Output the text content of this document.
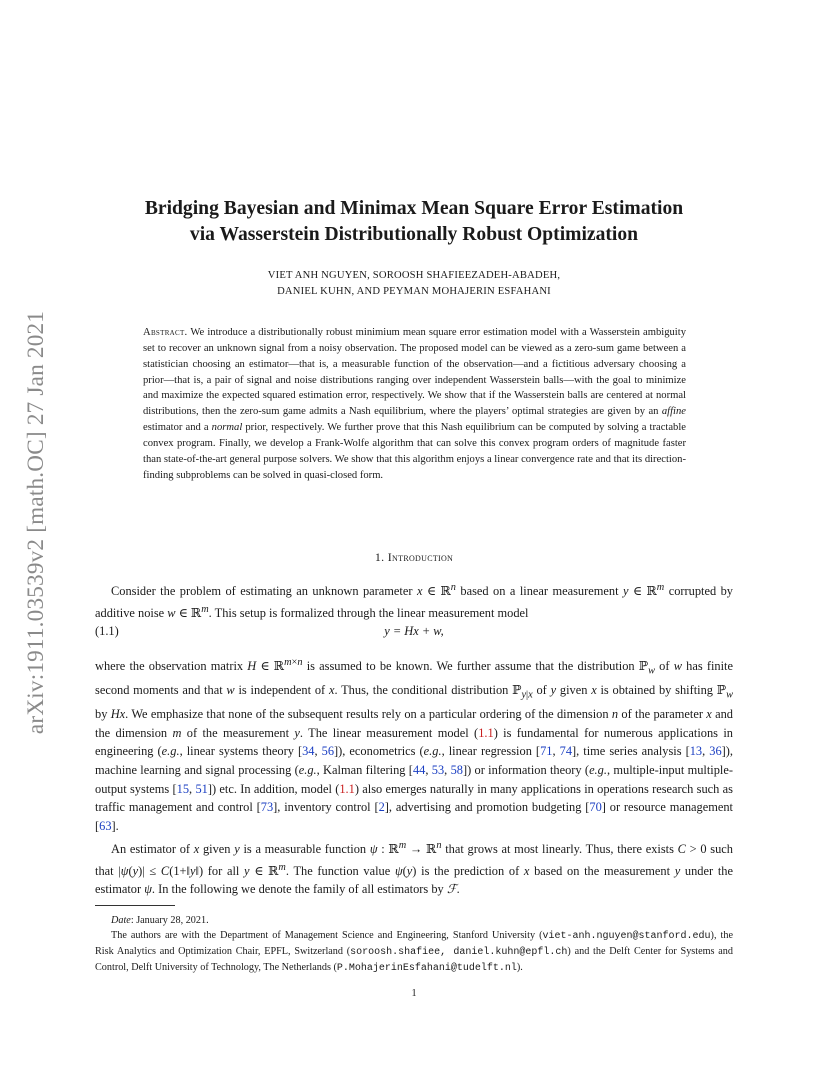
arXiv:1911.03539v2 [math.OC] 27 Jan 2021
Bridging Bayesian and Minimax Mean Square Error Estimation
via Wasserstein Distributionally Robust Optimization
VIET ANH NGUYEN, SOROOSH SHAFIEEZADEH-ABADEH,
DANIEL KUHN, AND PEYMAN MOHAJERIN ESFAHANI
Abstract. We introduce a distributionally robust minimium mean square error estimation model with a Wasserstein ambiguity set to recover an unknown signal from a noisy observation. The proposed model can be viewed as a zero-sum game between a statistician choosing an estimator—that is, a measurable function of the observation—and a fictitious adversary choosing a prior—that is, a pair of signal and noise distributions ranging over independent Wasserstein balls—with the goal to minimize and maximize the expected squared estimation error, respectively. We show that if the Wasserstein balls are centered at normal distributions, then the zero-sum game admits a Nash equilibrium, where the players’ optimal strategies are given by an affine estimator and a normal prior, respectively. We further prove that this Nash equilibrium can be computed by solving a tractable convex program. Finally, we develop a Frank-Wolfe algorithm that can solve this convex program orders of magnitude faster than state-of-the-art general purpose solvers. We show that this algorithm enjoys a linear convergence rate and that its direction-finding subproblems can be solved in quasi-closed form.
1. Introduction
Consider the problem of estimating an unknown parameter x ∈ ℝ$^n$ based on a linear measurement y ∈ ℝ$^m$ corrupted by additive noise w ∈ ℝ$^m$. This setup is formalized through the linear measurement model
(1.1)	y = Hx + w,
where the observation matrix H ∈ ℝ$^{m\times n}$ is assumed to be known. We further assume that the distribution ℙ$_w$ of w has finite second moments and that w is independent of x. Thus, the conditional distribution ℙ$_{y|x}$ of y given x is obtained by shifting ℙ$_w$ by Hx. We emphasize that none of the subsequent results rely on a particular ordering of the dimension n of the parameter x and the dimension m of the measurement y. The linear measurement model (1.1) is fundamental for numerous applications in engineering (e.g., linear systems theory [34, 56]), econometrics (e.g., linear regression [71, 74], time series analysis [13, 36]), machine learning and signal processing (e.g., Kalman filtering [44, 53, 58]) or information theory (e.g., multiple-input multiple-output systems [15, 51]) etc. In addition, model (1.1) also emerges naturally in many applications in operations research such as traffic management and control [73], inventory control [2], advertising and promotion budgeting [70] or resource management [63].
An estimator of x given y is a measurable function ψ : ℝ$^m$ → ℝ$^n$ that grows at most linearly. Thus, there exists C > 0 such that |ψ(y)| ≤ C(1+‖y‖) for all y ∈ ℝ$^m$. The function value ψ(y) is the prediction of x based on the measurement y under the estimator ψ. In the following we denote the family of all estimators by ℱ.

Date: January 28, 2021.

The authors are with the Department of Management Science and Engineering, Stanford University (viet-anh.nguyen@stanford.edu), the Risk Analytics and Optimization Chair, EPFL, Switzerland (soroosh.shafiee, daniel.kuhn@epfl.ch) and the Delft Center for Systems and Control, Delft University of Technology, The Netherlands (P.MohajerinEsfahani@tudelft.nl).

1
